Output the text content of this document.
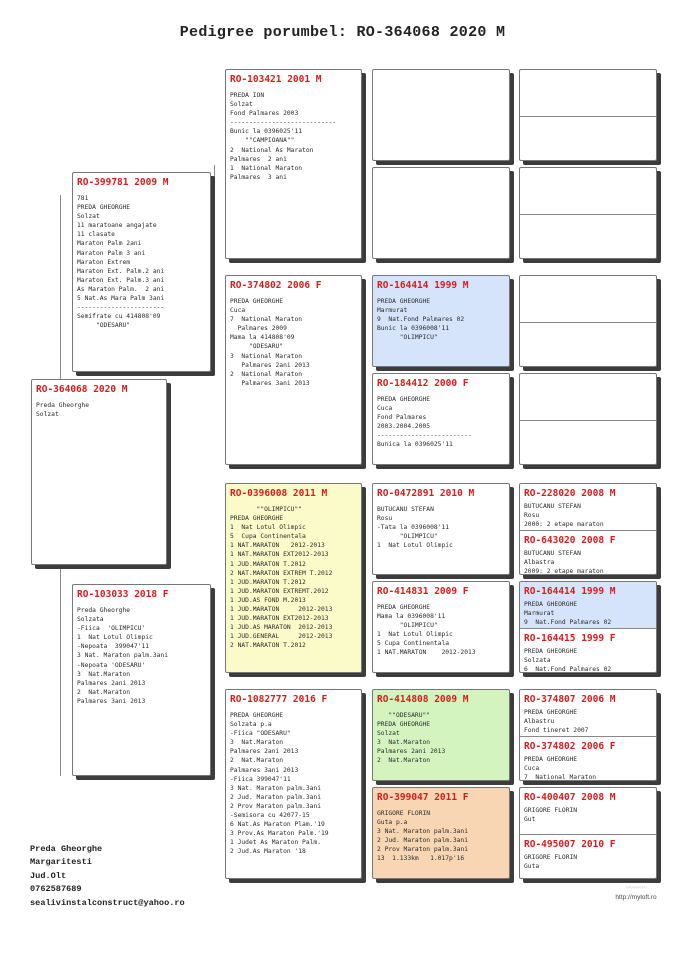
Pedigree porumbel: RO-364068 2020 M
RO-364068 2020 M
Preda Gheorghe
Solzat
RO-399781 2009 M
781
PREDA GHEORGHE
Solzat
11 maratoane angajate
11 clasate
Maraton Palm 2ani
Maraton Palm 3 ani
Maraton Extrem
Maraton Ext. Palm.2 ani
Maraton Ext. Palm.3 ani
As Maraton Palm.  2 ani
5 Nat.As Mara Palm 3ani
-----------------------
Semifrate cu 414808'09
"ODESARU"
RO-103033 2018 F
Preda Gheorghe
Solzata
-Fiica  'OLIMPICU'
1  Nat Lotul Olimpic
-Nepoata  399047'11
3 Nat. Maraton palm.3ani
-Nepoata 'ODESARU'
3  Nat.Maraton
Palmares 2ani 2013
2  Nat.Maraton
Palmares 3ani 2013
RO-103421 2001 M
PREDA ION
Solzat
Fond Palmares 2003
----------------------------
Bunic la 0396025'11
""CAMPIOANA""
2  National As Maraton
Palmares  2 ani
1  National Maraton
Palmares  3 ani
RO-374802 2006 F
PREDA GHEORGHE
Cuca
7  National Maraton
Palmares 2009
Mama la 414808'09
"ODESARU"
3  National Maraton
Palmares 2ani 2013
2  National Maraton
Palmares 3ani 2013
RO-0396008 2011 M
""OLIMPICU""
PREDA GHEORGHE
1  Nat Lotul Olimpic
5  Cupa Continentala
1 NAT.MARATON   2012-2013
1 NAT.MARATON EXT2012-2013
1 JUD.MARATON T.2012
2 NAT.MARATON EXTREM T.2012
1 JUD.MARATON T.2012
1 JUD.MARATON EXTREMT.2012
1 JUD.AS FOND M.2013
1 JUD.MARATON     2012-2013
1 JUD.MARATON EXT2012-2013
1 JUD.AS MARATON  2012-2013
1 JUD.GENERAL     2012-2013
2 NAT.MARATON T.2012
RO-1082777 2016 F
PREDA GHEORGHE
Solzata p.a
-Fiica "ODESARU"
3  Nat.Maraton
Palmares 2ani 2013
2  Nat.Maraton
Palmares 3ani 2013
-Fiica 399047'11
3 Nat. Maraton palm.3ani
2 Jud. Maraton palm.3ani
2 Prov Maraton palm.3ani
-Semisora cu 42077-15
6 Nat.As Maraton Plam.'19
3 Prov.As Maraton Palm.'19
1 Judet As Maraton Palm.
2 Jud.As Maraton '18
RO-164414 1999 M
PREDA GHEORGHE
Marmurat
9  Nat.Fond Palmares 02
Bunic la 0396008'11
"OLIMPICU"
RO-184412 2000 F
PREDA GHEORGHE
Cuca
Fond Palmares
2003.2004.2005
-------------------------
Bunica la 0396025'11
RO-0472891 2010 M
BUTUCANU STEFAN
Rosu
-Tata la 0396008'11
"OLIMPICU"
1  Nat Lotul Olimpic
RO-414831 2009 F
PREDA GHEORGHE
Mama la 0396008'11
"OLIMPICU"
1  Nat Lotul Olimpic
5 Cupa Continentala
1 NAT.MARATON    2012-2013
RO-414808 2009 M
""ODESARU""
PREDA GHEORGHE
Solzat
3  Nat.Maraton
Palmares 2ani 2013
2  Nat.Maraton
RO-399047 2011 F
GRIGORE FLORIN
Guta p.a
3 Nat. Maraton palm.3ani
2 Jud. Maraton palm.3ani
2 Prov Maraton palm.3ani
13  1.133km   1.017p'16
RO-228020 2008 M
BUTUCANU STEFAN
Rosu
2000: 2 etape maraton
RO-643020 2008 F
BUTUCANU STEFAN
Albastra
2009: 2 etape maraton
RO-164414 1999 M
PREDA GHEORGHE
Marmurat
9  Nat.Fond Palmares 02
RO-164415 1999 F
PREDA GHEORGHE
Solzata
6  Nat.Fond Palmares 02
RO-374807 2006 M
PREDA GHEORGHE
Albastru
Fond tineret 2007
RO-374802 2006 F
PREDA GHEORGHE
Cuca
7  National Maraton
RO-400407 2008 M
GRIGORE FLORIN
Gut
RO-495007 2010 F
GRIGORE FLORIN
Guta
Preda Gheorghe
Margaritesti
Jud.Olt
0762587689
sealivinstalconstruct@yahoo.ro
〰〰〰
http://myloft.ro
